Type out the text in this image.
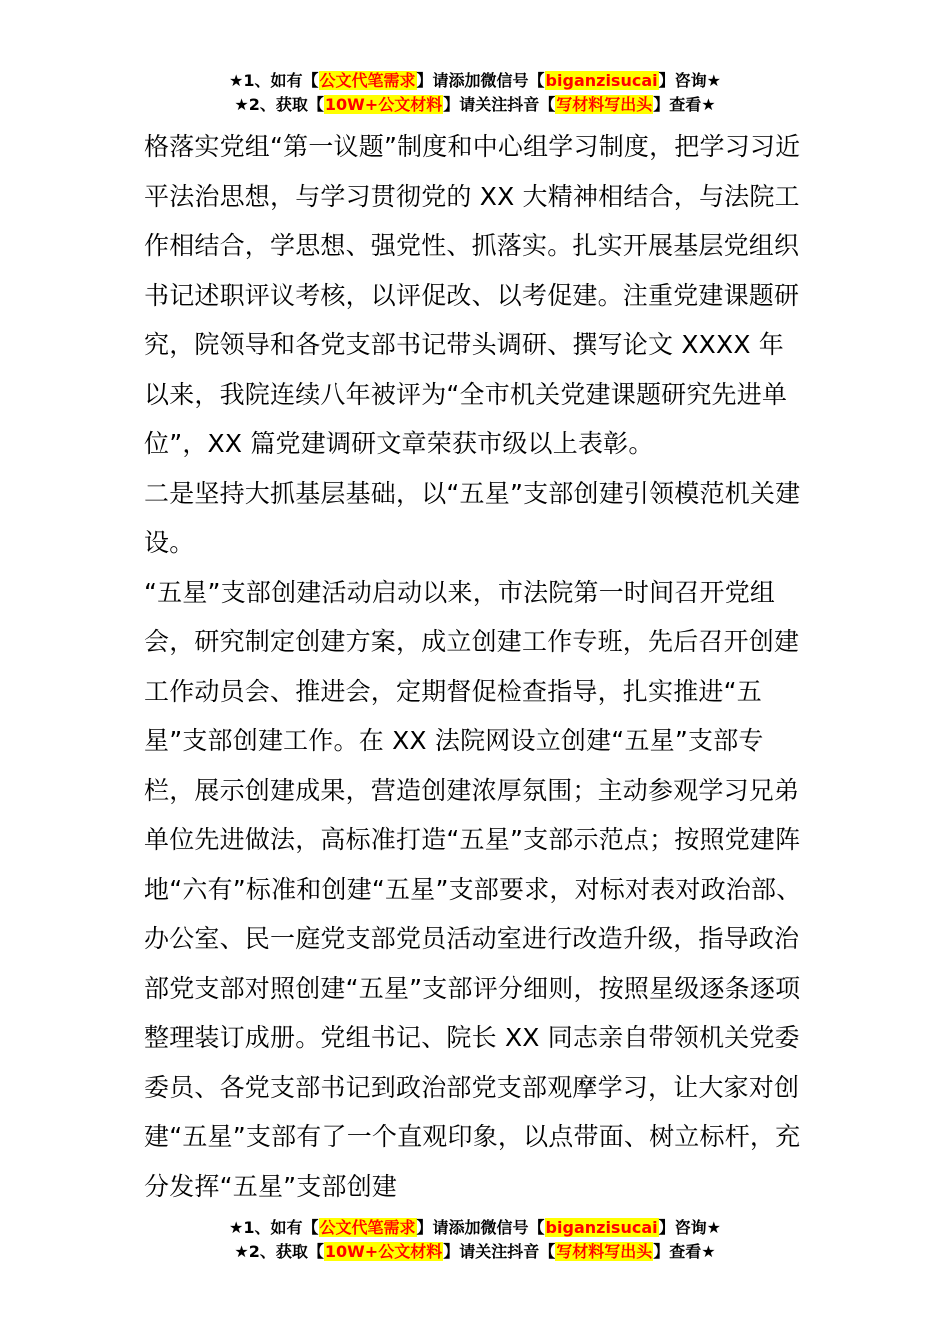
★1、如有【公文代笔需求】请添加微信号【biganzisucai】咨询★
★2、获取【10W+公文材料】请关注抖音【写材料写出头】查看★

格落实党组“第一议题”制度和中心组学习制度，把学习习近平法治思想，与学习贯彻党的 XX 大精神相结合，与法院工作相结合，学思想、强党性、抓落实。扎实开展基层党组织书记述职评议考核，以评促改、以考促建。注重党建课题研究，院领导和各党支部书记带头调研、撰写论文 XXXX 年以来，我院连续八年被评为“全市机关党建课题研究先进单位”，XX 篇党建调研文章荣获市级以上表彰。

二是坚持大抓基层基础，以“五星”支部创建引领模范机关建设。

“五星”支部创建活动启动以来，市法院第一时间召开党组会，研究制定创建方案，成立创建工作专班，先后召开创建工作动员会、推进会，定期督促检查指导，扎实推进“五星”支部创建工作。在 XX 法院网设立创建“五星”支部专栏，展示创建成果，营造创建浓厚氛围；主动参观学习兄弟单位先进做法，高标准打造“五星”支部示范点；按照党建阵地“六有”标准和创建“五星”支部要求，对标对表对政治部、办公室、民一庭党支部党员活动室进行改造升级，指导政治部党支部对照创建“五星”支部评分细则，按照星级逐条逐项整理装订成册。党组书记、院长 XX 同志亲自带领机关党委委员、各党支部书记到政治部党支部观摩学习，让大家对创建“五星”支部有了一个直观印象，以点带面、树立标杆，充分发挥“五星”支部创建

★1、如有【公文代笔需求】请添加微信号【biganzisucai】咨询★
★2、获取【10W+公文材料】请关注抖音【写材料写出头】查看★
